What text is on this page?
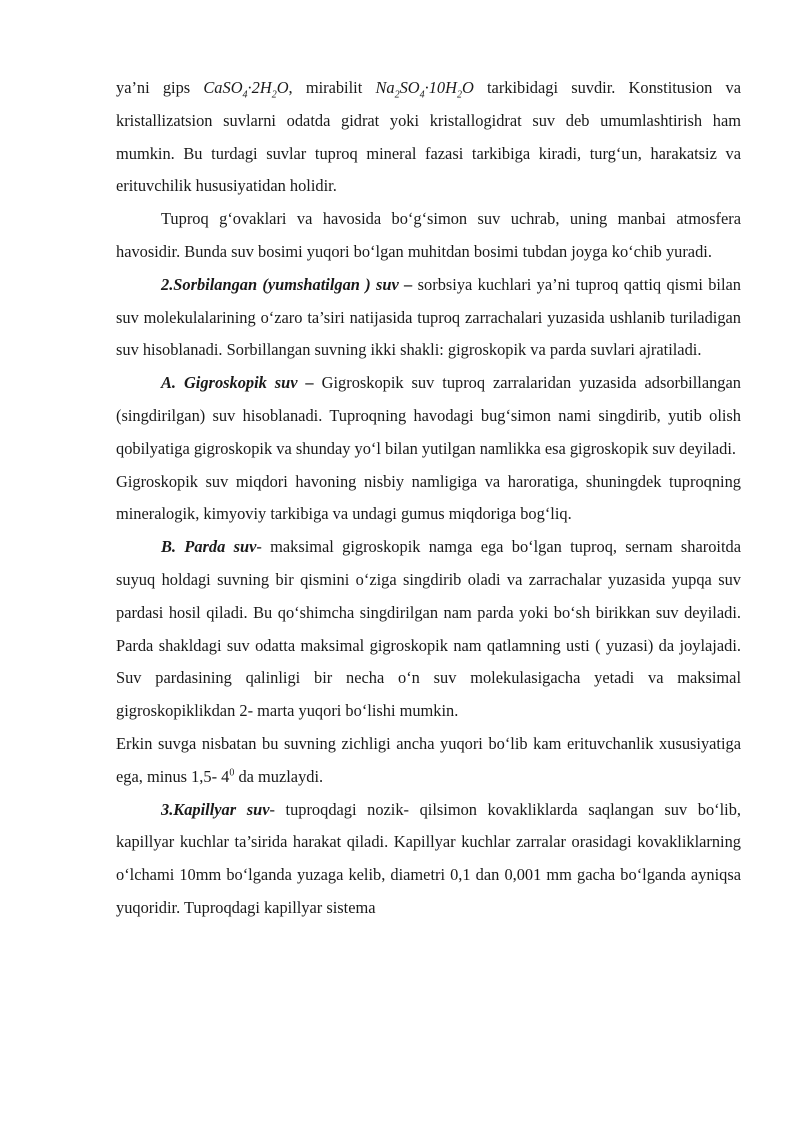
ya’ni gips $CaSO_4\cdot 2H_2O$, mirabilit $Na_2SO_4\cdot 10H_2O$ tarkibidagi suvdir. Konstitusion va kristallizatsion suvlarni odatda gidrat yoki kristallogidrat suv deb umumlashtirish ham mumkin. Bu turdagi suvlar tuproq mineral fazasi tarkibiga kiradi, turg‘un, harakatsiz va erituvchilik hususiyatidan holidir.

Tuproq g‘ovaklari va havosida bo‘g‘simon suv uchrab, uning manbai atmosfera havosidir. Bunda suv bosimi yuqori bo‘lgan muhitdan bosimi tubdan joyga ko‘chib yuradi.

2.Sorbilangan (yumshatilgan ) suv – sorbsiya kuchlari ya’ni tuproq qattiq qismi bilan suv molekulalarining o‘zaro ta’siri natijasida tuproq zarrachalari yuzasida ushlanib turiladigan suv hisoblanadi. Sorbillangan suvning ikki shakli: gigroskopik va parda suvlari ajratiladi.

A. Gigroskopik suv – Gigroskopik suv tuproq zarralaridan yuzasida adsorbillangan (singdirilgan) suv hisoblanadi. Tuproqning havodagi bug‘simon nami singdirib, yutib olish qobilyatiga gigroskopik va shunday yo‘l bilan yutilgan namlikka esa gigroskopik suv deyiladi.

Gigroskopik suv miqdori havoning nisbiy namligiga va haroratiga, shuningdek tuproqning mineralogik, kimyoviy tarkibiga va undagi gumus miqdoriga bog‘liq.

B. Parda suv- maksimal gigroskopik namga ega bo‘lgan tuproq, sernam sharoitda suyuq holdagi suvning bir qismini o‘ziga singdirib oladi va zarrachalar yuzasida yupqa suv pardasi hosil qiladi. Bu qo‘shimcha singdirilgan nam parda yoki bo‘sh birikkan suv deyiladi. Parda shakldagi suv odatta maksimal gigroskopik nam qatlamning usti ( yuzasi) da joylajadi. Suv pardasining qalinligi bir necha o‘n suv molekulasigacha yetadi va maksimal gigroskopiklikdan 2- marta yuqori bo‘lishi mumkin.

Erkin suvga nisbatan bu suvning zichligi ancha yuqori bo‘lib kam erituvchanlik xususiyatiga ega, minus 1,5- $4^0$ da muzlaydi.

3.Kapillyar suv- tuproqdagi nozik- qilsimon kovakliklarda saqlangan suv bo‘lib, kapillyar kuchlar ta’sirida harakat qiladi. Kapillyar kuchlar zarralar orasidagi kovakliklarning o‘lchami 10mm bo‘lganda yuzaga kelib, diametri 0,1 dan 0,001 mm gacha bo‘lganda ayniqsa yuqoridir. Tuproqdagi kapillyar sistema
